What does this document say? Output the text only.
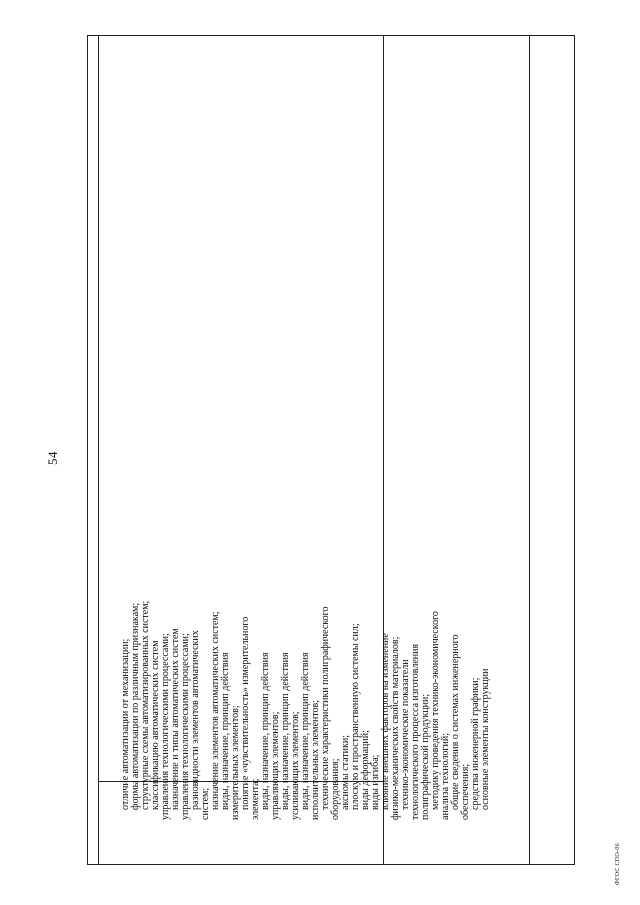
54
отличие автоматизации от механизации; формы автоматизации по различным признакам; структурные схемы автоматизированных систем; классификацию автоматических систем управления технологическими процессами; назначение и типы автоматических систем управления технологическими процессами; разновидности элементов автоматических систем; назначение элементов автоматических систем; виды, назначение, принцип действия измерительных элементов; понятие «чувствительность» измерительного элемента; виды, назначение, принцип действия управляющих элементов; виды, назначение, принцип действия усиливающих элементов; виды, назначение, принцип действия исполнительных элементов; технические характеристики полиграфического оборудования; аксиомы статики; плоскую и пространственную системы сил; виды деформаций; виды изгиба; влияние внешних факторов на изменение физико-механических свойств материалов; технико-экономические показатели технологического процесса изготовления полиграфической продукции; методику проведения технико-экономического анализа технологий; общие сведения о системах инженерного обеспечения; средства инженерной графики; основные элементы конструкции
ФГОС СПО-06
